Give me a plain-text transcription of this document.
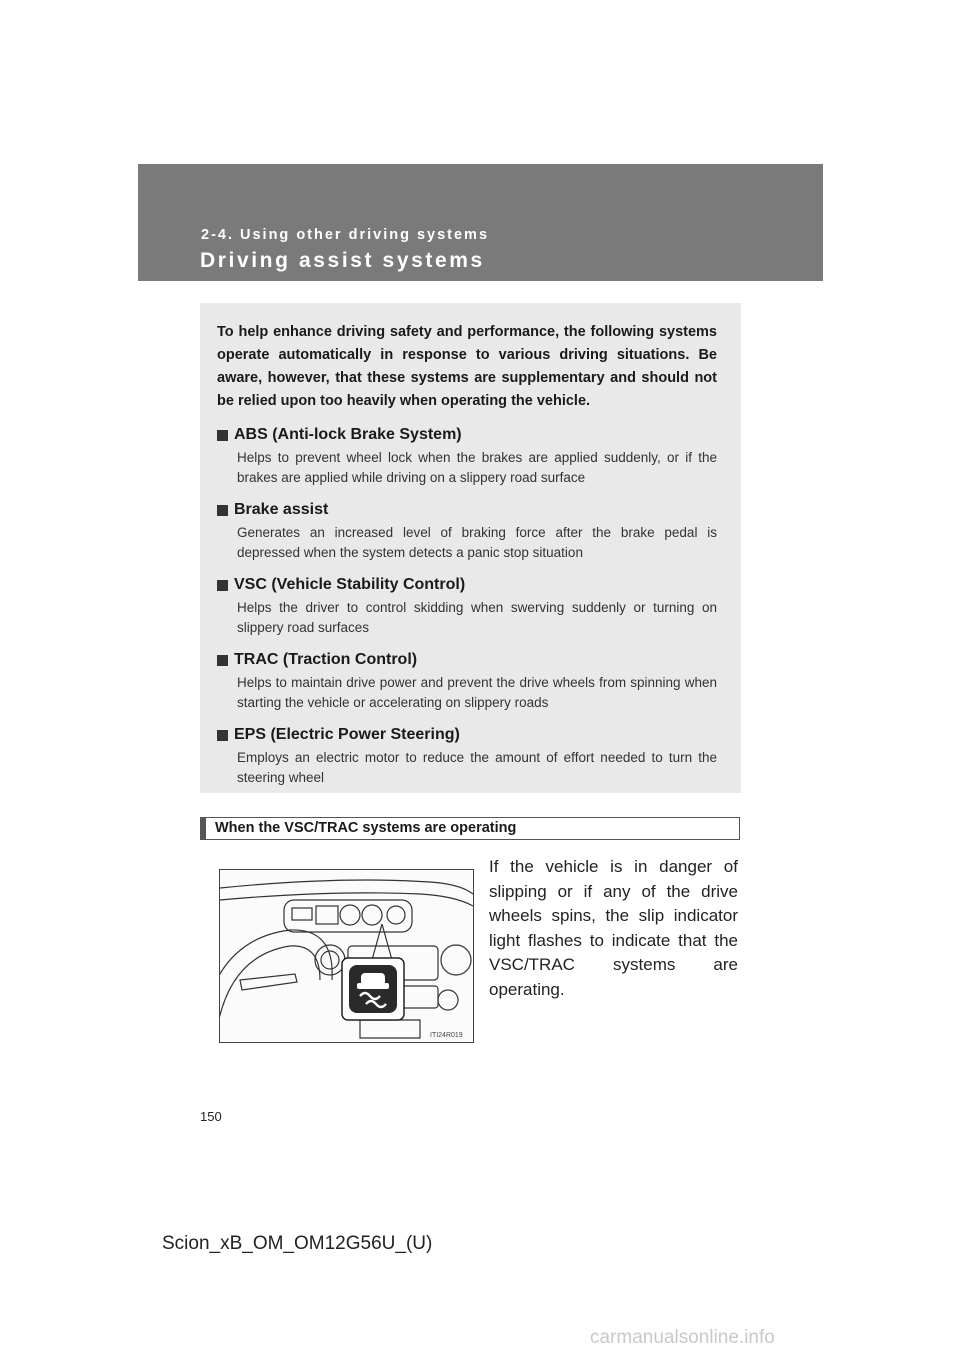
2-4. Using other driving systems
Driving assist systems

To help enhance driving safety and performance, the following systems operate automatically in response to various driving situations. Be aware, however, that these systems are supplementary and should not be relied upon too heavily when operating the vehicle.

ABS (Anti-lock Brake System)

Helps to prevent wheel lock when the brakes are applied suddenly, or if the brakes are applied while driving on a slippery road surface

Brake assist

Generates an increased level of braking force after the brake pedal is depressed when the system detects a panic stop situation

VSC (Vehicle Stability Control)

Helps the driver to control skidding when swerving suddenly or turning on slippery road surfaces

TRAC (Traction Control)

Helps to maintain drive power and prevent the drive wheels from spinning when starting the vehicle or accelerating on slippery roads

EPS (Electric Power Steering)

Employs an electric motor to reduce the amount of effort needed to turn the steering wheel

When the VSC/TRAC systems are operating
ITI24R019
If the vehicle is in danger of slipping or if any of the drive wheels spins, the slip indicator light flashes to indicate that the VSC/TRAC systems are operating.
150
Scion_xB_OM_OM12G56U_(U)
carmanualsonline.info
